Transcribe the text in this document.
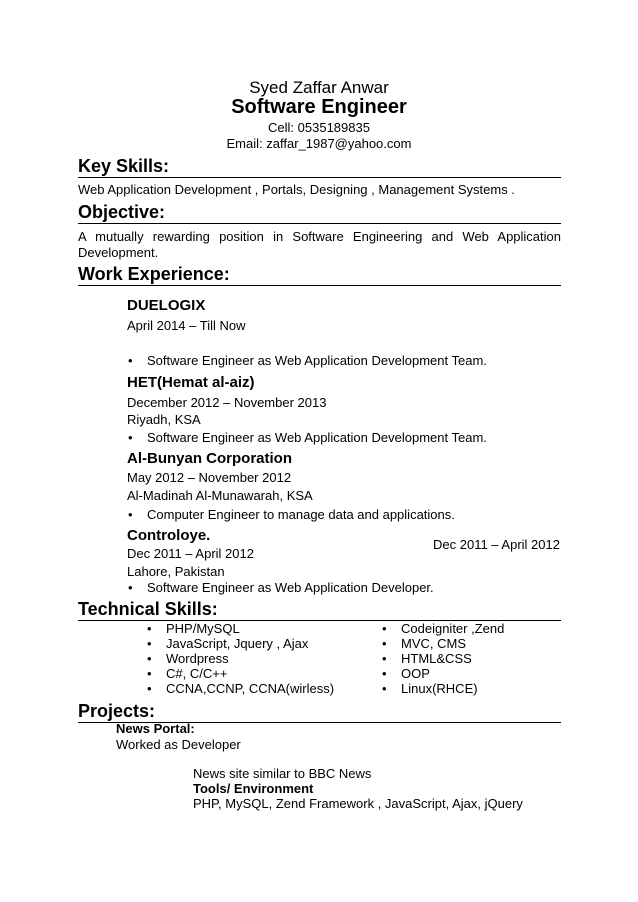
Syed Zaffar Anwar
Software Engineer
Cell: 0535189835
Email: zaffar_1987@yahoo.com
Key Skills:
Web Application Development , Portals, Designing , Management Systems .
Objective:
A mutually rewarding position in Software Engineering and Web Application
Development.
Work Experience:
DUELOGIX
April 2014 – Till Now
• Software Engineer as Web Application Development Team.
HET(Hemat al-aiz)
December 2012 – November 2013
Riyadh, KSA
• Software Engineer as Web Application Development Team.
Al-Bunyan Corporation
May 2012 – November 2012
Al-Madinah Al-Munawarah, KSA
• Computer Engineer to manage data and applications.
Controloye.
Dec 2011 – April 2012
Dec 2011 – April 2012
Lahore, Pakistan
• Software Engineer as Web Application Developer.
Technical Skills:
• PHP/MySQL
• JavaScript, Jquery , Ajax
• Wordpress
• C#, C/C++
• CCNA,CCNP, CCNA(wirless)
• Codeigniter ,Zend
• MVC, CMS
• HTML&CSS
• OOP
• Linux(RHCE)
Projects:
News Portal:
Worked as Developer
News site similar to BBC News
Tools/ Environment
PHP, MySQL, Zend Framework , JavaScript, Ajax, jQuery
